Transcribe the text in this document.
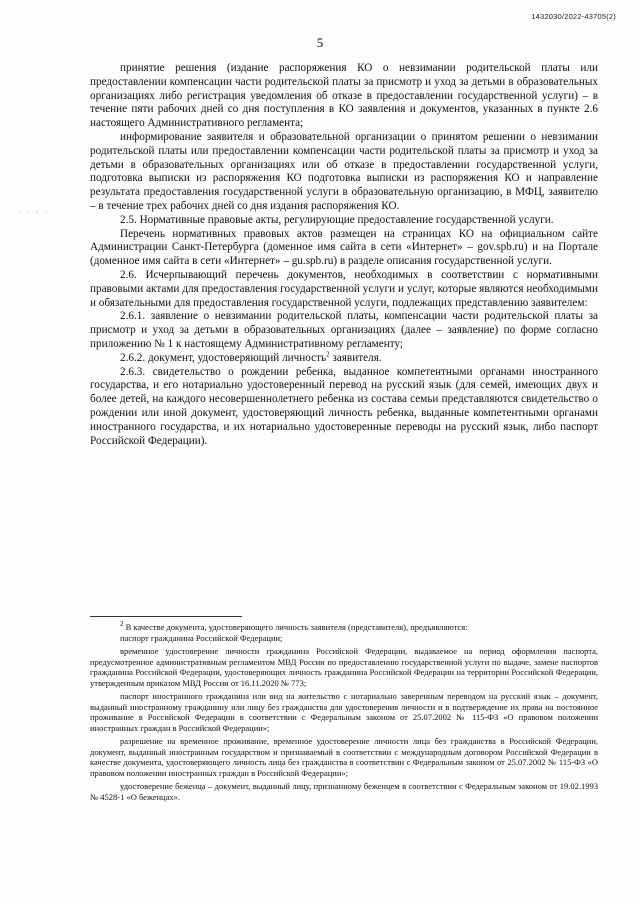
1432030/2022-43705(2)
5
· · · ·

принятие решения (издание распоряжения КО о невзимании родительской платы или предоставлении компенсации части родительской платы за присмотр и уход за детьми в образовательных организациях либо регистрация уведомления об отказе в предоставлении государственной услуги) – в течение пяти рабочих дней со дня поступления в КО заявления и документов, указанных в пункте 2.6 настоящего Административного регламента;

информирование заявителя и образовательной организации о принятом решении о невзимании родительской платы или предоставлении компенсации части родительской платы за присмотр и уход за детьми в образовательных организациях или об отказе в предоставлении государственной услуги, подготовка выписки из распоряжения КО подготовка выписки из распоряжения КО и направление результата предоставления государственной услуги в образовательную организацию, в МФЦ, заявителю – в течение трех рабочих дней со дня издания распоряжения КО.

2.5. Нормативные правовые акты, регулирующие предоставление государственной услуги.

Перечень нормативных правовых актов размещен на страницах КО на официальном сайте Администрации Санкт-Петербурга (доменное имя сайта в сети «Интернет» – gov.spb.ru) и на Портале (доменное имя сайта в сети «Интернет» – gu.spb.ru) в разделе описания государственной услуги.

2.6. Исчерпывающий перечень документов, необходимых в соответствии с нормативными правовыми актами для предоставления государственной услуги и услуг, которые являются необходимыми и обязательными для предоставления государственной услуги, подлежащих представлению заявителем:

2.6.1. заявление о невзимании родительской платы, компенсации части родительской платы за присмотр и уход за детьми в образовательных организациях (далее – заявление) по форме согласно приложению № 1 к настоящему Административному регламенту;

2.6.2. документ, удостоверяющий личность$^2$ заявителя.

2.6.3. свидетельство о рождении ребенка, выданное компетентными органами иностранного государства, и его нотариально удостоверенный перевод на русский язык (для семей, имеющих двух и более детей, на каждого несовершеннолетнего ребенка из состава семьи представляются свидетельство о рождении или иной документ, удостоверяющий личность ребенка, выданные компетентными органами иностранного государства, и их нотариально удостоверенные переводы на русский язык, либо паспорт Российской Федерации).

$^2$ В качестве документа, удостоверяющего личность заявителя (представителя), предъявляются:

паспорт гражданина Российской Федерации;

временное удостоверение личности гражданина Российской Федерации, выдаваемое на период оформления паспорта, предусмотренное административным регламентом МВД России по предоставлению государственной услуги по выдаче, замене паспортов гражданина Российской Федерации, удостоверяющих личность гражданина Российской Федерации на территории Российской Федерации, утвержденным приказом МВД России от 16.11.2020 № 773;

паспорт иностранного гражданина или вид на жительство с нотариально заверенным переводом на русский язык – документ, выданный иностранному гражданину или лицу без гражданства для удостоверения личности и в подтверждение их права на постоянное проживание в Российской Федерации в соответствии с Федеральным законом от 25.07.2002 № 115-ФЗ «О правовом положении иностранных граждан в Российской Федерации»;

разрешение на временное проживание, временное удостоверение личности лица без гражданства в Российской Федерации, документ, выданный иностранным государством и признаваемый в соответствии с международным договором Российской Федерации в качестве документа, удостоверяющего личность лица без гражданства в соответствии с Федеральным законом от 25.07.2002 № 115-ФЗ «О правовом положении иностранных граждан в Российской Федерации»;

удостоверение беженца – документ, выданный лицу, признанному беженцем в соответствии с Федеральным законом от 19.02.1993 № 4528-1 «О беженцах».
